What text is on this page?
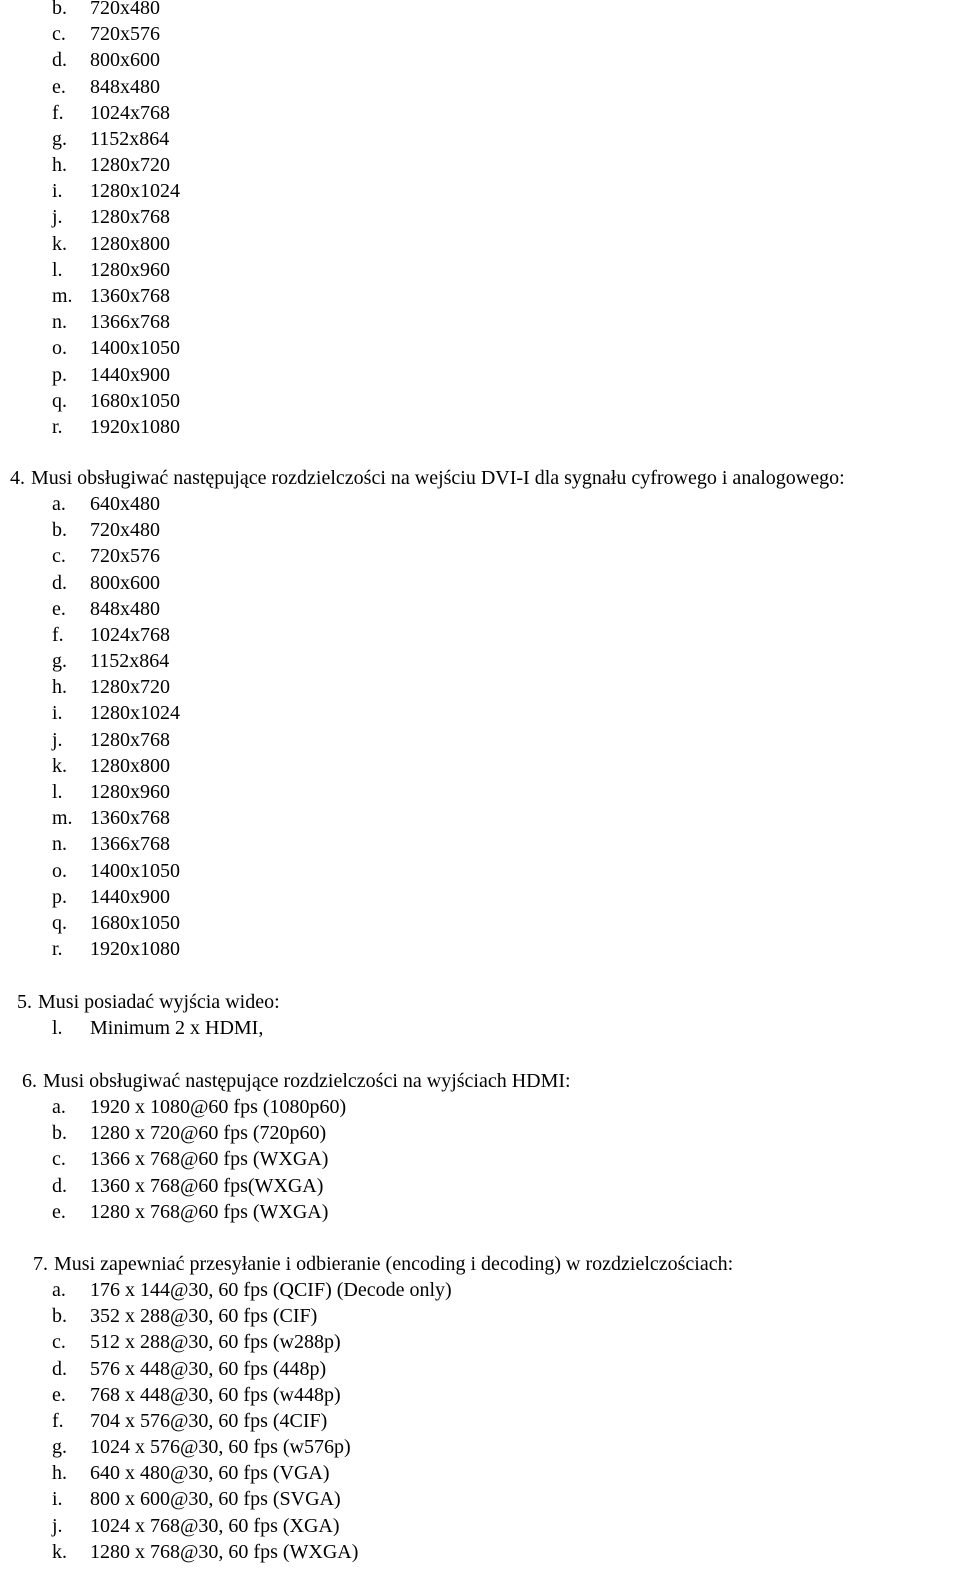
b. 720x480
c. 720x576
d. 800x600
e. 848x480
f. 1024x768
g. 1152x864
h. 1280x720
i. 1280x1024
j. 1280x768
k. 1280x800
l. 1280x960
m. 1360x768
n. 1366x768
o. 1400x1050
p. 1440x900
q. 1680x1050
r. 1920x1080
4. Musi obsługiwać następujące rozdzielczości na wejściu DVI-I dla sygnału cyfrowego i analogowego:
a. 640x480
b. 720x480
c. 720x576
d. 800x600
e. 848x480
f. 1024x768
g. 1152x864
h. 1280x720
i. 1280x1024
j. 1280x768
k. 1280x800
l. 1280x960
m. 1360x768
n. 1366x768
o. 1400x1050
p. 1440x900
q. 1680x1050
r. 1920x1080
5. Musi posiadać wyjścia wideo:
l. Minimum 2 x HDMI,
6. Musi obsługiwać następujące rozdzielczości na wyjściach HDMI:
a. 1920 x 1080@60 fps (1080p60)
b. 1280 x 720@60 fps (720p60)
c. 1366 x 768@60 fps (WXGA)
d. 1360 x 768@60 fps(WXGA)
e. 1280 x 768@60 fps (WXGA)
7. Musi zapewniać przesyłanie i odbieranie (encoding i decoding) w rozdzielczościach:
a. 176 x 144@30, 60 fps (QCIF) (Decode only)
b. 352 x 288@30, 60 fps (CIF)
c. 512 x 288@30, 60 fps (w288p)
d. 576 x 448@30, 60 fps (448p)
e. 768 x 448@30, 60 fps (w448p)
f. 704 x 576@30, 60 fps (4CIF)
g. 1024 x 576@30, 60 fps (w576p)
h. 640 x 480@30, 60 fps (VGA)
i. 800 x 600@30, 60 fps (SVGA)
j. 1024 x 768@30, 60 fps (XGA)
k. 1280 x 768@30, 60 fps (WXGA)
